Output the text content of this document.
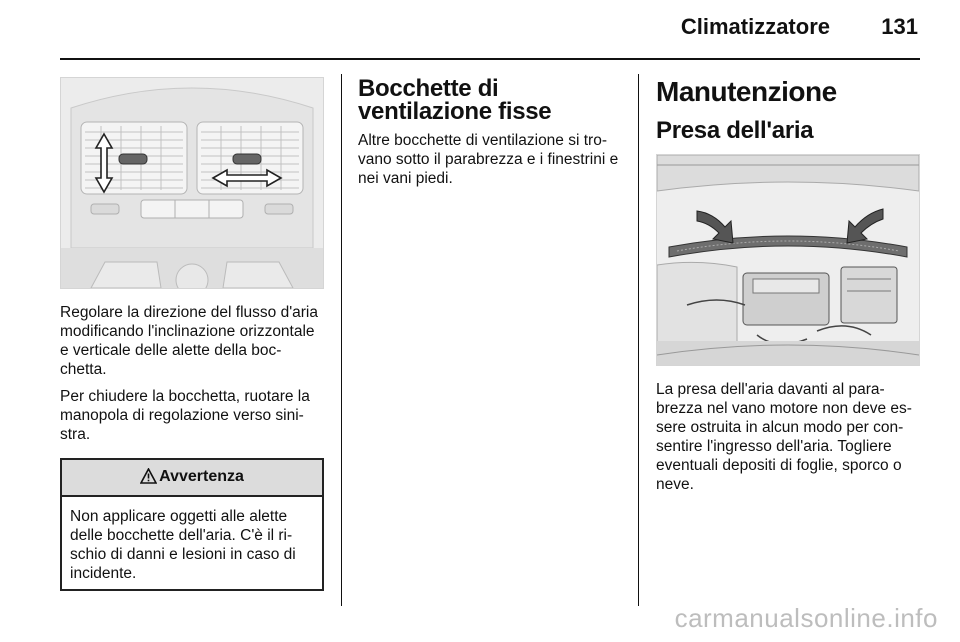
Climatizzatore 131

Regolare la direzione del flusso d'aria modificando l'inclinazione orizzontale e verticale delle alette della boc-chetta.

Per chiudere la bocchetta, ruotare la manopola di regolazione verso sini-stra.

Avvertenza
Non applicare oggetti alle alette delle bocchette dell'aria. C'è il ri-schio di danni e lesioni in caso di incidente.
Bocchette di ventilazione fisse

Altre bocchette di ventilazione si tro-vano sotto il parabrezza e i finestrini e nei vani piedi.

Manutenzione
Presa dell'aria

La presa dell'aria davanti al para-brezza nel vano motore non deve es-sere ostruita in alcun modo per con-sentire l'ingresso dell'aria. Togliere eventuali depositi di foglie, sporco o neve.

carmanualsonline.info
